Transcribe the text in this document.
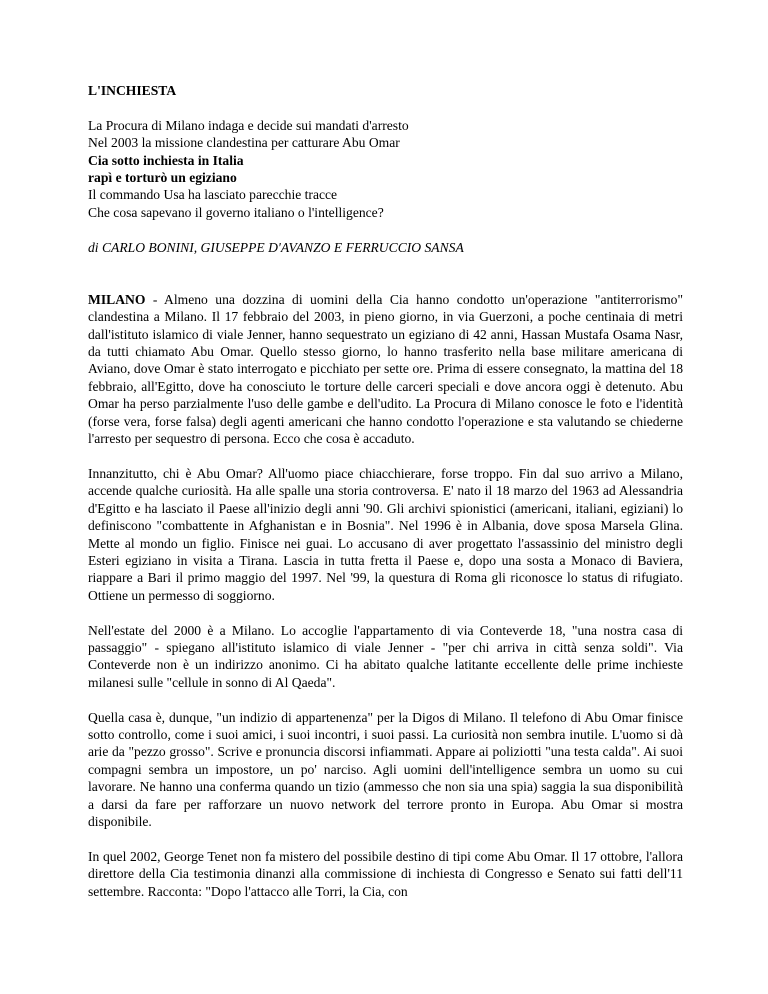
L'INCHIESTA
La Procura di Milano indaga e decide sui mandati d'arresto
Nel 2003 la missione clandestina per catturare Abu Omar
Cia sotto inchiesta in Italia
rapì e torturò un egiziano
Il commando Usa ha lasciato parecchie tracce
Che cosa sapevano il governo italiano o l'intelligence?
di CARLO BONINI, GIUSEPPE D'AVANZO E FERRUCCIO SANSA

MILANO - Almeno una dozzina di uomini della Cia hanno condotto un'operazione "antiterrorismo" clandestina a Milano. Il 17 febbraio del 2003, in pieno giorno, in via Guerzoni, a poche centinaia di metri dall'istituto islamico di viale Jenner, hanno sequestrato un egiziano di 42 anni, Hassan Mustafa Osama Nasr, da tutti chiamato Abu Omar. Quello stesso giorno, lo hanno trasferito nella base militare americana di Aviano, dove Omar è stato interrogato e picchiato per sette ore. Prima di essere consegnato, la mattina del 18 febbraio, all'Egitto, dove ha conosciuto le torture delle carceri speciali e dove ancora oggi è detenuto. Abu Omar ha perso parzialmente l'uso delle gambe e dell'udito. La Procura di Milano conosce le foto e l'identità (forse vera, forse falsa) degli agenti americani che hanno condotto l'operazione e sta valutando se chiederne l'arresto per sequestro di persona. Ecco che cosa è accaduto.

Innanzitutto, chi è Abu Omar? All'uomo piace chiacchierare, forse troppo. Fin dal suo arrivo a Milano, accende qualche curiosità. Ha alle spalle una storia controversa. E' nato il 18 marzo del 1963 ad Alessandria d'Egitto e ha lasciato il Paese all'inizio degli anni '90. Gli archivi spionistici (americani, italiani, egiziani) lo definiscono "combattente in Afghanistan e in Bosnia". Nel 1996 è in Albania, dove sposa Marsela Glina. Mette al mondo un figlio. Finisce nei guai. Lo accusano di aver progettato l'assassinio del ministro degli Esteri egiziano in visita a Tirana. Lascia in tutta fretta il Paese e, dopo una sosta a Monaco di Baviera, riappare a Bari il primo maggio del 1997. Nel '99, la questura di Roma gli riconosce lo status di rifugiato. Ottiene un permesso di soggiorno.

Nell'estate del 2000 è a Milano. Lo accoglie l'appartamento di via Conteverde 18, "una nostra casa di passaggio" - spiegano all'istituto islamico di viale Jenner - "per chi arriva in città senza soldi". Via Conteverde non è un indirizzo anonimo. Ci ha abitato qualche latitante eccellente delle prime inchieste milanesi sulle "cellule in sonno di Al Qaeda".

Quella casa è, dunque, "un indizio di appartenenza" per la Digos di Milano. Il telefono di Abu Omar finisce sotto controllo, come i suoi amici, i suoi incontri, i suoi passi. La curiosità non sembra inutile. L'uomo si dà arie da "pezzo grosso". Scrive e pronuncia discorsi infiammati. Appare ai poliziotti "una testa calda". Ai suoi compagni sembra un impostore, un po' narciso. Agli uomini dell'intelligence sembra un uomo su cui lavorare. Ne hanno una conferma quando un tizio (ammesso che non sia una spia) saggia la sua disponibilità a darsi da fare per rafforzare un nuovo network del terrore pronto in Europa. Abu Omar si mostra disponibile.

In quel 2002, George Tenet non fa mistero del possibile destino di tipi come Abu Omar. Il 17 ottobre, l'allora direttore della Cia testimonia dinanzi alla commissione di inchiesta di Congresso e Senato sui fatti dell'11 settembre. Racconta: "Dopo l'attacco alle Torri, la Cia, con
